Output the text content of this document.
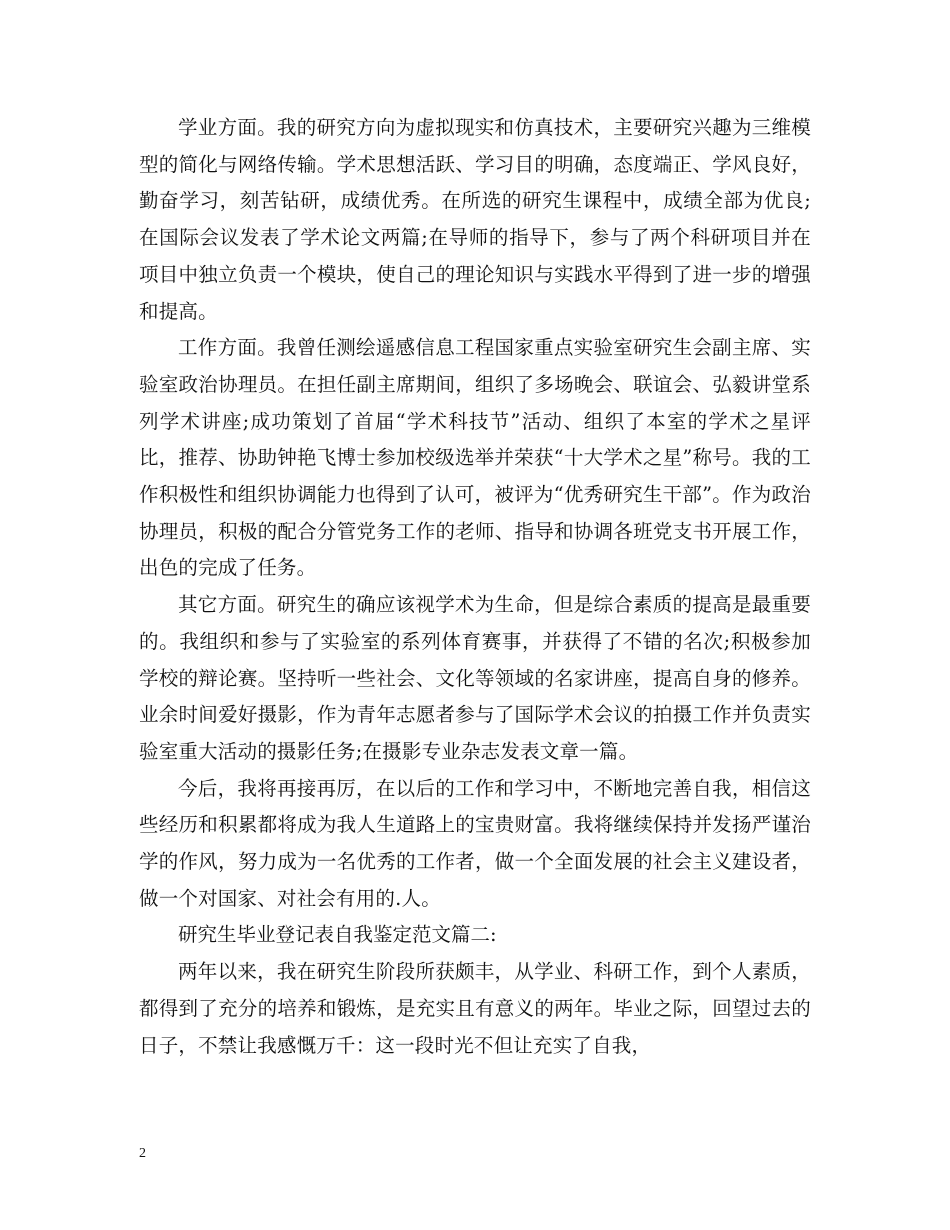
学业方面。我的研究方向为虚拟现实和仿真技术，主要研究兴趣为三维模型的简化与网络传输。学术思想活跃、学习目的明确，态度端正、学风良好，勤奋学习，刻苦钻研，成绩优秀。在所选的研究生课程中，成绩全部为优良;在国际会议发表了学术论文两篇;在导师的指导下，参与了两个科研项目并在项目中独立负责一个模块，使自己的理论知识与实践水平得到了进一步的增强和提高。

工作方面。我曾任测绘遥感信息工程国家重点实验室研究生会副主席、实验室政治协理员。在担任副主席期间，组织了多场晚会、联谊会、弘毅讲堂系列学术讲座;成功策划了首届“学术科技节”活动、组织了本室的学术之星评比，推荐、协助钟艳飞博士参加校级选举并荣获“十大学术之星”称号。我的工作积极性和组织协调能力也得到了认可，被评为“优秀研究生干部”。作为政治协理员，积极的配合分管党务工作的老师、指导和协调各班党支书开展工作，出色的完成了任务。

其它方面。研究生的确应该视学术为生命，但是综合素质的提高是最重要的。我组织和参与了实验室的系列体育赛事，并获得了不错的名次;积极参加学校的辩论赛。坚持听一些社会、文化等领域的名家讲座，提高自身的修养。业余时间爱好摄影，作为青年志愿者参与了国际学术会议的拍摄工作并负责实验室重大活动的摄影任务;在摄影专业杂志发表文章一篇。

今后，我将再接再厉，在以后的工作和学习中，不断地完善自我，相信这些经历和积累都将成为我人生道路上的宝贵财富。我将继续保持并发扬严谨治学的作风，努力成为一名优秀的工作者，做一个全面发展的社会主义建设者，做一个对国家、对社会有用的.人。

研究生毕业登记表自我鉴定范文篇二:

两年以来，我在研究生阶段所获颇丰，从学业、科研工作，到个人素质，都得到了充分的培养和锻炼，是充实且有意义的两年。毕业之际，回望过去的日子，不禁让我感慨万千：这一段时光不但让充实了自我，

2
